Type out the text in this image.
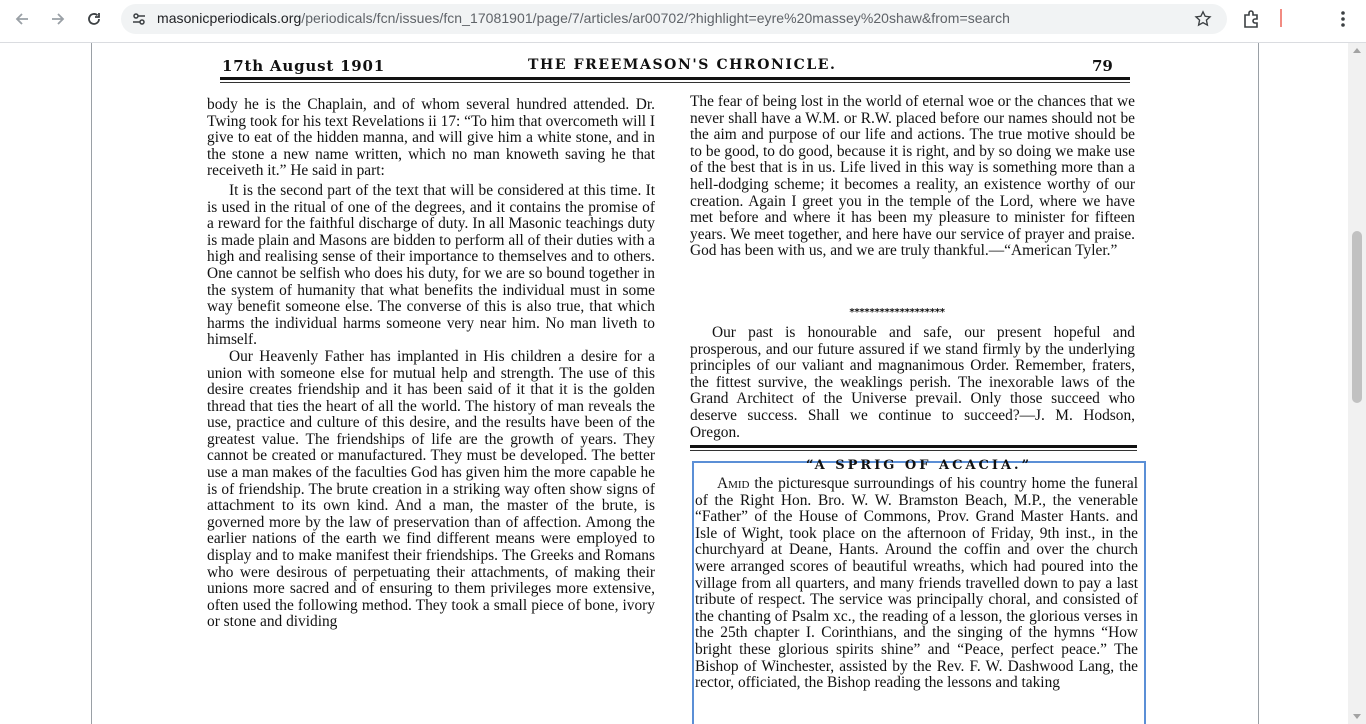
masonicperiodicals.org/periodicals/fcn/issues/fcn_17081901/page/7/articles/ar00702/?highlight=eyre%20massey%20shaw&from=search
17th August 1901	THE FREEMASON'S CHRONICLE.	79

body he is the Chaplain, and of whom several hundred attended. Dr. Twing took for his text Revelations ii 17: “To him that overcometh will I give to eat of the hidden manna, and will give him a white stone, and in the stone a new name written, which no man knoweth saving he that receiveth it.” He said in part:

It is the second part of the text that will be considered at this time. It is used in the ritual of one of the degrees, and it contains the promise of a reward for the faithful discharge of duty. In all Masonic teachings duty is made plain and Masons are bidden to perform all of their duties with a high and realising sense of their importance to themselves and to others. One cannot be selfish who does his duty, for we are so bound together in the system of humanity that what benefits the individual must in some way benefit someone else. The converse of this is also true, that which harms the individual harms someone very near him. No man liveth to himself.

Our Heavenly Father has implanted in His children a desire for a union with someone else for mutual help and strength. The use of this desire creates friendship and it has been said of it that it is the golden thread that ties the heart of all the world. The history of man reveals the use, practice and culture of this desire, and the results have been of the greatest value. The friendships of life are the growth of years. They cannot be created or manufactured. They must be developed. The better use a man makes of the faculties God has given him the more capable he is of friendship. The brute creation in a striking way often show signs of attachment to its own kind. And a man, the master of the brute, is governed more by the law of preservation than of affection. Among the earlier nations of the earth we find different means were employed to display and to make manifest their friendships. The Greeks and Romans who were desirous of perpetuating their attachments, of making their unions more sacred and of ensuring to them privileges more extensive, often used the following method. They took a small piece of bone, ivory or stone and dividing

The fear of being lost in the world of eternal woe or the chances that we never shall have a W.M. or R.W. placed before our names should not be the aim and purpose of our life and actions. The true motive should be to be good, to do good, because it is right, and by so doing we make use of the best that is in us. Life lived in this way is something more than a hell-dodging scheme; it becomes a reality, an existence worthy of our creation. Again I greet you in the temple of the Lord, where we have met before and where it has been my pleasure to minister for fifteen years. We meet together, and here have our service of prayer and praise. God has been with us, and we are truly thankful.—“American Tyler.”

*******************

Our past is honourable and safe, our present hopeful and prosperous, and our future assured if we stand firmly by the underlying principles of our valiant and magnanimous Order. Remember, fraters, the fittest survive, the weaklings perish. The inexorable laws of the Grand Architect of the Universe prevail. Only those succeed who deserve success. Shall we continue to succeed?—J. M. Hodson, Oregon.

“A SPRIG OF ACACIA.”

Amid the picturesque surroundings of his country home the funeral of the Right Hon. Bro. W. W. Bramston Beach, M.P., the venerable “Father” of the House of Commons, Prov. Grand Master Hants. and Isle of Wight, took place on the afternoon of Friday, 9th inst., in the churchyard at Deane, Hants. Around the coffin and over the church were arranged scores of beautiful wreaths, which had poured into the village from all quarters, and many friends travelled down to pay a last tribute of respect. The service was principally choral, and consisted of the chanting of Psalm xc., the reading of a lesson, the glorious verses in the 25th chapter I. Corinthians, and the singing of the hymns “How bright these glorious spirits shine” and “Peace, perfect peace.” The Bishop of Winchester, assisted by the Rev. F. W. Dashwood Lang, the rector, officiated, the Bishop reading the lessons and taking
